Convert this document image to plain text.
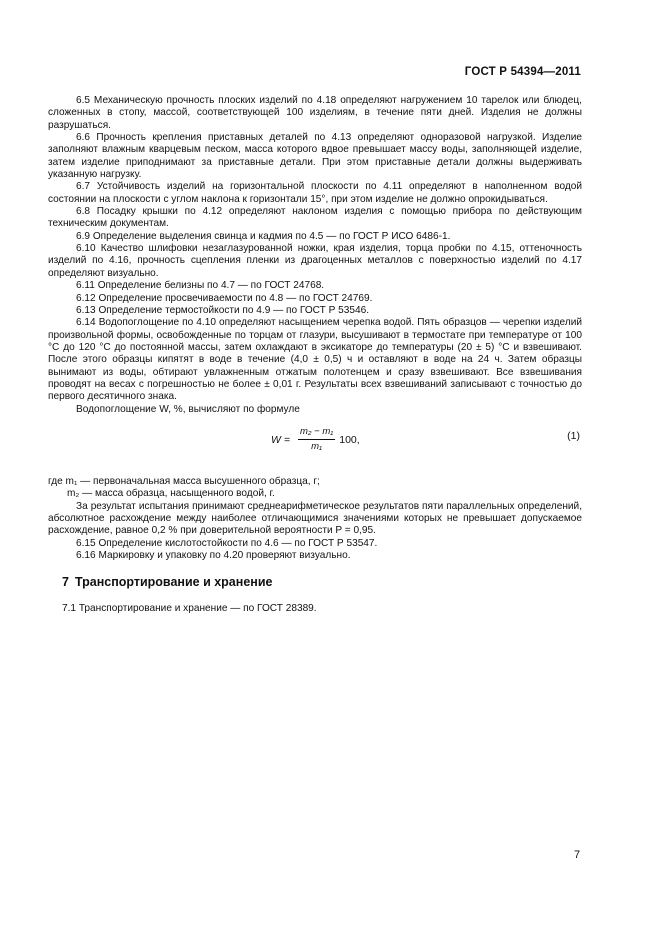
ГОСТ Р 54394—2011

6.5 Механическую прочность плоских изделий по 4.18 определяют нагружением 10 тарелок или блюдец, сложенных в стопу, массой, соответствующей 100 изделиям, в течение пяти дней. Изделия не должны разрушаться.

6.6 Прочность крепления приставных деталей по 4.13 определяют одноразовой нагрузкой. Изделие заполняют влажным кварцевым песком, масса которого вдвое превышает массу воды, заполняющей изделие, затем изделие приподнимают за приставные детали. При этом приставные детали должны выдерживать указанную нагрузку.

6.7 Устойчивость изделий на горизонтальной плоскости по 4.11 определяют в наполненном водой состоянии на плоскости с углом наклона к горизонтали 15°, при этом изделие не должно опрокидываться.

6.8 Посадку крышки по 4.12 определяют наклоном изделия с помощью прибора по действующим техническим документам.

6.9 Определение выделения свинца и кадмия по 4.5 — по ГОСТ Р ИСО 6486-1.

6.10 Качество шлифовки незаглазурованной ножки, края изделия, торца пробки по 4.15, оттеночность изделий по 4.16, прочность сцепления пленки из драгоценных металлов с поверхностью изделий по 4.17 определяют визуально.

6.11 Определение белизны по 4.7 — по ГОСТ 24768.

6.12 Определение просвечиваемости по 4.8 — по ГОСТ 24769.

6.13 Определение термостойкости по 4.9 — по ГОСТ Р 53546.

6.14 Водопоглощение по 4.10 определяют насыщением черепка водой. Пять образцов — черепки изделий произвольной формы, освобожденные по торцам от глазури, высушивают в термостате при температуре от 100 °С до 120 °С до постоянной массы, затем охлаждают в эксикаторе до температуры (20 ± 5) °С и взвешивают. После этого образцы кипятят в воде в течение (4,0 ± 0,5) ч и оставляют в воде на 24 ч. Затем образцы вынимают из воды, обтирают увлажненным отжатым полотенцем и сразу взвешивают. Все взвешивания проводят на весах с погрешностью не более ± 0,01 г. Результаты всех взвешиваний записывают с точностью до первого десятичного знака.

Водопоглощение W, %, вычисляют по формуле

$W = \frac{\text{m₂ − m₁}}{\text{m₁}} 100$,	(1)

где m₁ — первоначальная масса высушенного образца, г;

m₂ — масса образца, насыщенного водой, г.

За результат испытания принимают среднеарифметическое результатов пяти параллельных определений, абсолютное расхождение между наиболее отличающимися значениями которых не превышает допускаемое расхождение, равное 0,2 % при доверительной вероятности P = 0,95.

6.15 Определение кислотостойкости по 4.6 — по ГОСТ Р 53547.

6.16 Маркировку и упаковку по 4.20 проверяют визуально.

7 Транспортирование и хранение

7.1 Транспортирование и хранение — по ГОСТ 28389.

7
